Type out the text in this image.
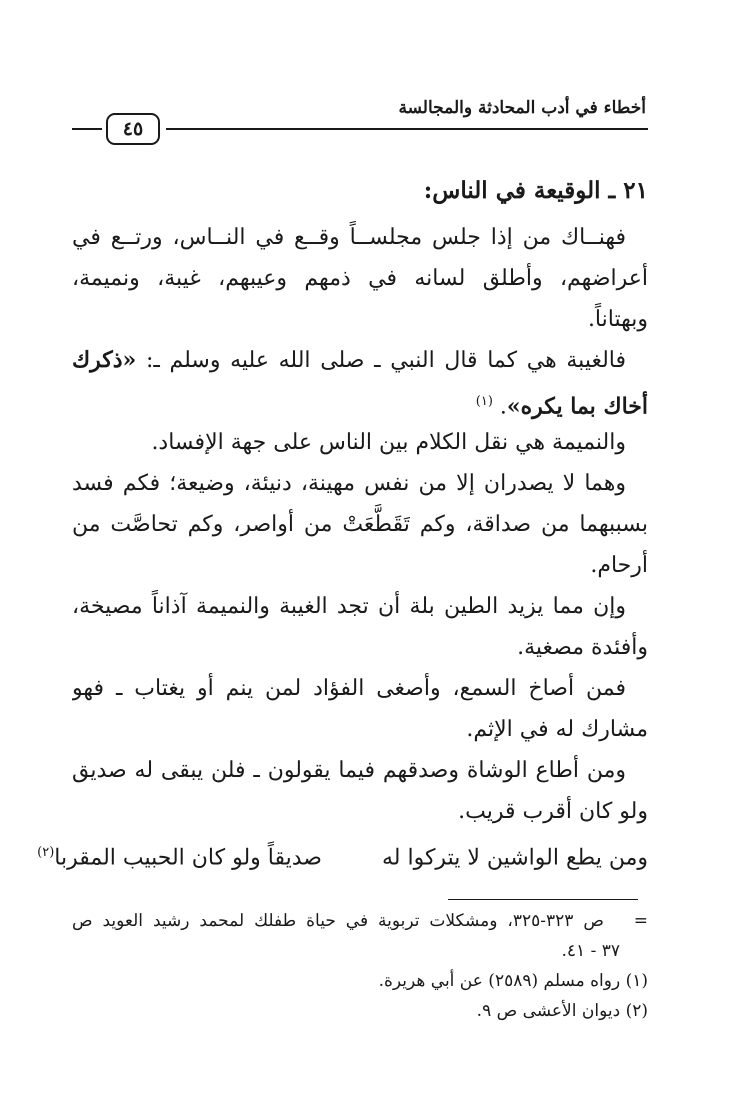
أخطاء في أدب المحادثة والمجالسة
٤٥
٢١ ـ الوقيعة في الناس:
فهنــاك من إذا جلس مجلســاً وقــع في النــاس، ورتــع في
أعراضهم، وأطلق لسانه في ذمهم وعيبهم، غيبة، ونميمة،
وبهتاناً.
فالغيبة هي كما قال النبي ـ صلى الله عليه وسلم ـ: «ذكرك
أخاك بما يكره». $^{(١)}$
والنميمة هي نقل الكلام بين الناس على جهة الإفساد.
وهما لا يصدران إلا من نفس مهينة، دنيئة، وضيعة؛ فكم فسد
بسببهما من صداقة، وكم تَقَطَّعَتْ من أواصر، وكم تحاصَّت من
أرحام.
وإن مما يزيد الطين بلة أن تجد الغيبة والنميمة آذاناً مصيخة،
وأفئدة مصغية.
فمن أصاخ السمع، وأصغى الفؤاد لمن ينم أو يغتاب ـ فهو
مشارك له في الإثم.
ومن أطاع الوشاة وصدقهم فيما يقولون ـ فلن يبقى له صديق
ولو كان أقرب قريب.
ومن يطع الواشين لا يتركوا لهصديقاً ولو كان الحبيب المقربا$^{(٢)}$
=   ص ٣٢٣-٣٢٥، ومشكلات تربوية في حياة طفلك لمحمد رشيد العويد ص
٣٧ - ٤١.
(١) رواه مسلم (٢٥٨٩) عن أبي هريرة.
(٢) ديوان الأعشى ص ٩.
